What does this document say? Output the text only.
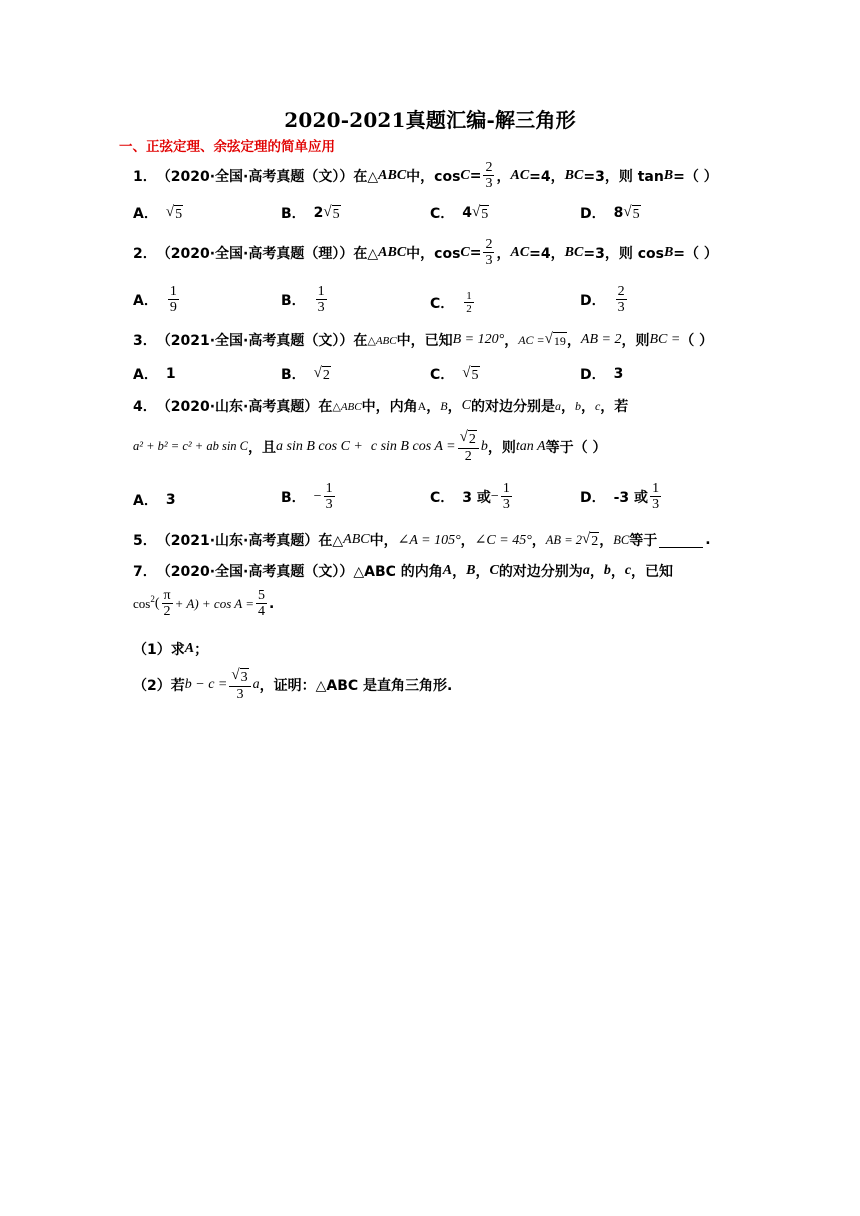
2020-2021真题汇编-解三角形
一、正弦定理、余弦定理的简单应用
1． （2020·全国·高考真题（文）） 在△ ABC 中，$\cos C = \frac{2}{3}$ ， AC =4， BC =3，则 tan B =（ ）
A． √ 5	B． 2 √ 5	C． 4 √ 5	D． 8 √ 5
2． （2020·全国·高考真题（理）） 在△ ABC 中，$\cos C = \frac{2}{3}$ ， AC =4， BC =3，则 cos B =（ ）
A． $\frac{1}{9}$	B． $\frac{1}{3}$	C． $\frac{1}{2}$	D． $\frac{2}{3}$
3． （2021·全国·高考真题（文）） 在 △ABC 中，已知 B = 120° ， AC = √ 19 ， AB = 2 ，则 BC = （ ）
A． 1	B． √ 2	C． √ 5	D． 3
4． （2020·山东·高考真题） 在 △ABC 中，内角 A ， B ， C 的对边分别是 a ， b ， c ，若
a² + b² = c² + ab sin C ，且 a sin B cos C + c sin B $\cos A = \frac{√ 2}{2}$ b ，则 tan A 等于（ ）
A． 3	B． − $\frac{1}{3}$	C． 3 或 − $\frac{1}{3}$	D． -3 或 $\frac{1}{3}$
5． （2021·山东·高考真题） 在△ ABC 中， ∠A = 105° ， ∠C = 45° ， AB = 2 √ 2 ， BC 等于	.
7． （2020·全国·高考真题（文）） △ABC 的内角 A ， B ， C 的对边分别为 a ， b ， c ，已知
$\cos^2$ ( $\frac{\pi}{2} + A) + \cos A = \frac{5}{4}$ .
（1）求 A ；
（2）若 $b - c = \frac{√ 3}{3}$ a ，证明：△ABC 是直角三角形.
